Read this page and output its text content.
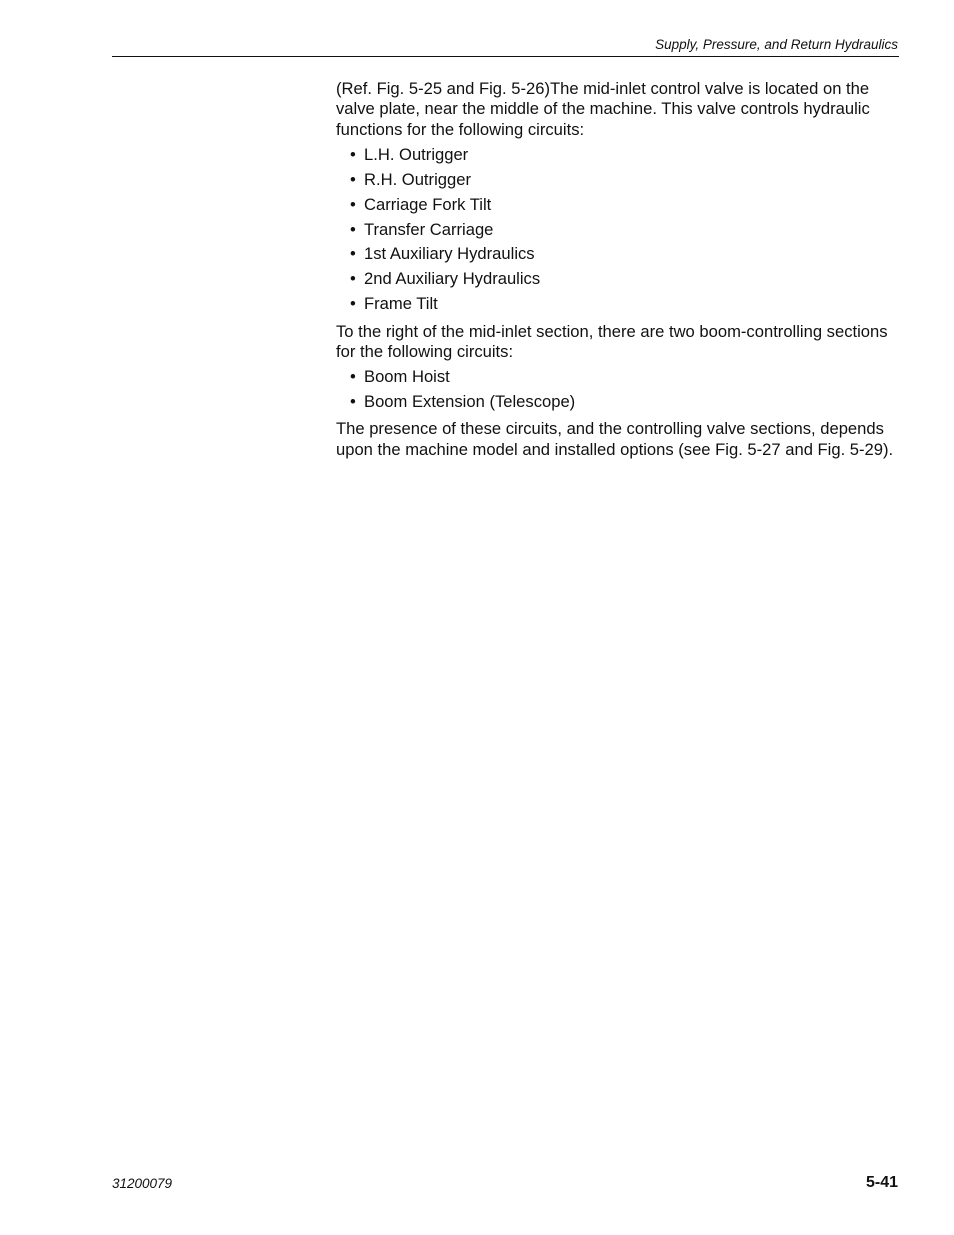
Supply, Pressure, and Return Hydraulics

(Ref. Fig. 5-25 and Fig. 5-26)The mid-inlet control valve is located on the valve plate, near the middle of the machine. This valve controls hydraulic functions for the following circuits:

• L.H. Outrigger
• R.H. Outrigger
• Carriage Fork Tilt
• Transfer Carriage
• 1st Auxiliary Hydraulics
• 2nd Auxiliary Hydraulics
• Frame Tilt

To the right of the mid-inlet section, there are two boom-controlling sections for the following circuits:

• Boom Hoist
• Boom Extension (Telescope)

The presence of these circuits, and the controlling valve sections, depends upon the machine model and installed options (see Fig. 5-27 and Fig. 5-29).

31200079	5-41
